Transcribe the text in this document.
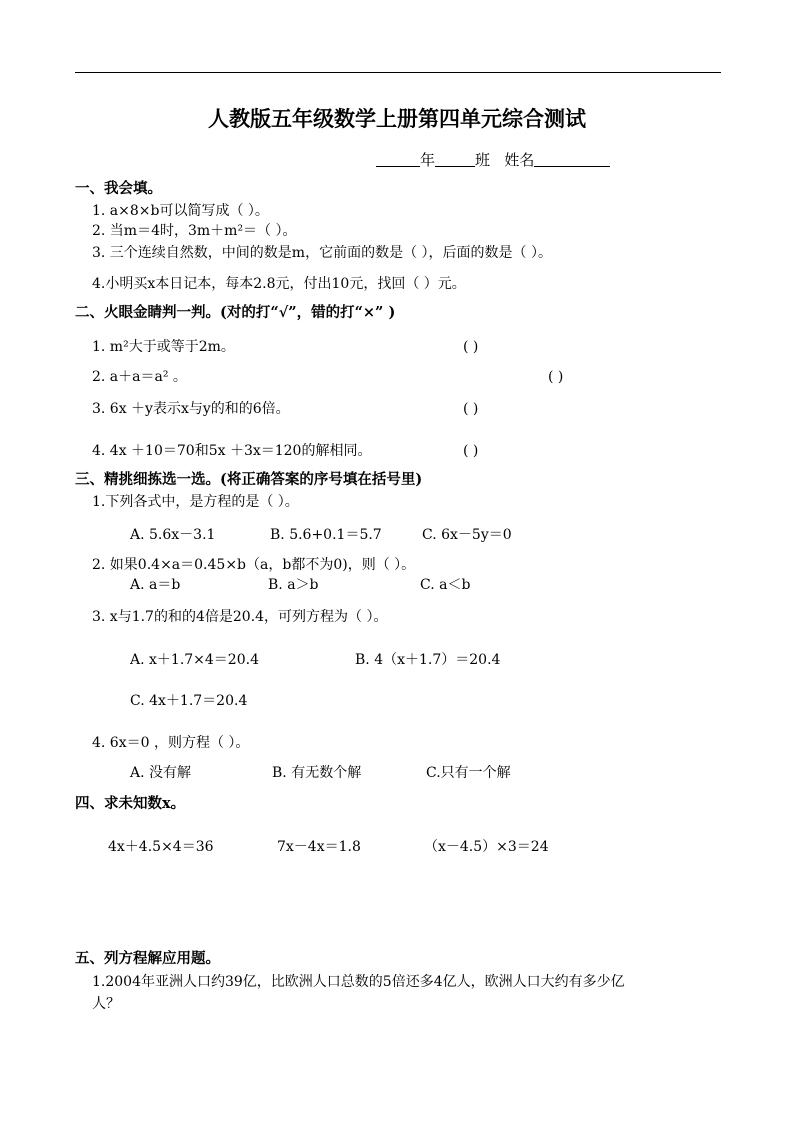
人教版五年级数学上册第四单元综合测试
年	班 姓名
一、我会填。
1. a×8×b可以简写成（ ）。
2. 当m＝4时，3m＋m²＝（ ）。
3. 三个连续自然数，中间的数是m，它前面的数是（ ），后面的数是（ ）。
4.小明买x本日记本，每本2.8元，付出10元，找回（ ）元。
二、火眼金睛判一判。(对的打“√”，错的打“×” )
1. m²大于或等于2m。	( )
2. a＋a＝a² 。	( )
3. 6x ＋y表示x与y的和的6倍。	( )
4. 4x ＋10＝70和5x ＋3x＝120的解相同。	( )
三、精挑细拣选一选。(将正确答案的序号填在括号里)
1.下列各式中，是方程的是（ ）。
A. 5.6x－3.1	B. 5.6+0.1＝5.7	C. 6x－5y＝0
2. 如果0.4×a＝0.45×b（a，b都不为0)，则（ ）。
A. a＝b	B. a＞b	C. a＜b
3. x与1.7的和的4倍是20.4，可列方程为（ ）。
A. x＋1.7×4＝20.4	B. 4（x＋1.7）＝20.4
C. 4x＋1.7＝20.4
4. 6x＝0 ，则方程（ ）。
A. 没有解	B. 有无数个解	C.只有一个解
四、求未知数x。
4x＋4.5×4＝36	7x－4x＝1.8	（x－4.5）×3＝24
五、列方程解应用题。
1.2004年亚洲人口约39亿，比欧洲人口总数的5倍还多4亿人，欧洲人口大约有多少亿
人？
